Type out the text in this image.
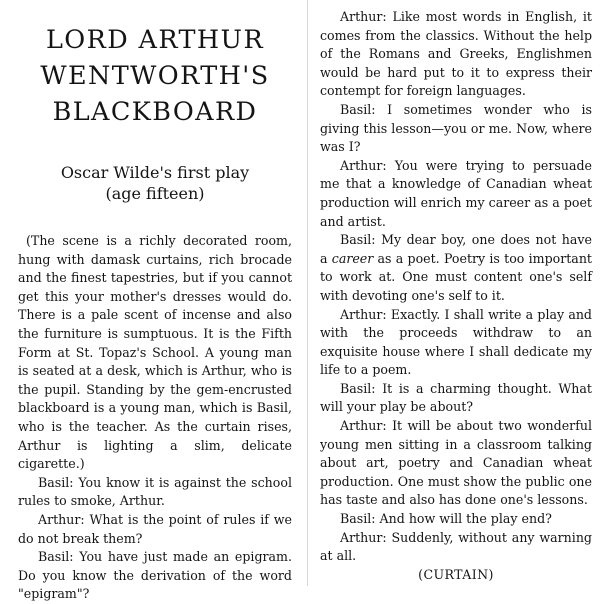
LORD ARTHUR WENTWORTH'S BLACKBOARD
Oscar Wilde's first play
(age fifteen)

(The scene is a richly decorated room, hung with damask curtains, rich brocade and the finest tapestries, but if you cannot get this your mother's dresses would do. There is a pale scent of incense and also the furniture is sumptuous. It is the Fifth Form at St. Topaz's School. A young man is seated at a desk, which is Arthur, who is the pupil. Standing by the gem-encrusted blackboard is a young man, which is Basil, who is the teacher. As the curtain rises, Arthur is lighting a slim, delicate cigarette.)

Basil: You know it is against the school rules to smoke, Arthur.

Arthur: What is the point of rules if we do not break them?

Basil: You have just made an epigram. Do you know the derivation of the word "epigram"?

Arthur: Like most words in English, it comes from the classics. Without the help of the Romans and Greeks, Englishmen would be hard put to it to express their contempt for foreign languages.

Basil: I sometimes wonder who is giving this lesson—you or me. Now, where was I?

Arthur: You were trying to persuade me that a knowledge of Canadian wheat production will enrich my career as a poet and artist.

Basil: My dear boy, one does not have a career as a poet. Poetry is too important to work at. One must content one's self with devoting one's self to it.

Arthur: Exactly. I shall write a play and with the proceeds withdraw to an exquisite house where I shall dedicate my life to a poem.

Basil: It is a charming thought. What will your play be about?

Arthur: It will be about two wonderful young men sitting in a classroom talking about art, poetry and Canadian wheat production. One must show the public one has taste and also has done one's lessons.

Basil: And how will the play end?

Arthur: Suddenly, without any warning at all.

(CURTAIN)
